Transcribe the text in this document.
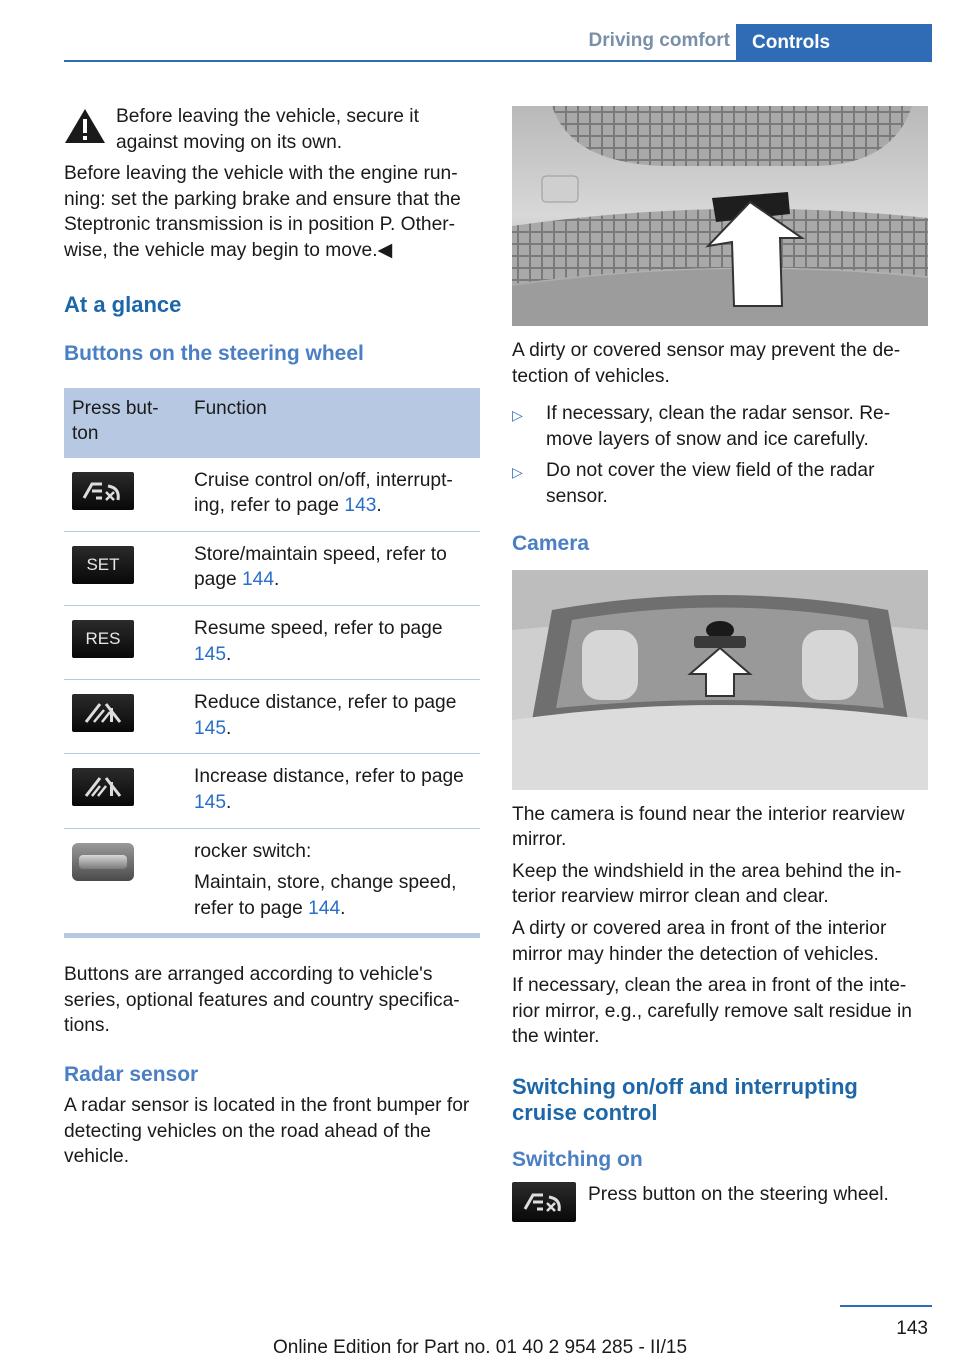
Driving comfort	Controls

Before leaving the vehicle, secure it against moving on its own.

Before leaving the vehicle with the engine run-ning: set the parking brake and ensure that the Steptronic transmission is in position P. Other-wise, the vehicle may begin to move.◀

At a glance
Buttons on the steering wheel
Press but-ton	Function

	Cruise control on/off, interrupt-ing, refer to page 143.

SET	Store/maintain speed, refer to page 144.

RES	Resume speed, refer to page 145.

	Reduce distance, refer to page 145.

	Increase distance, refer to page 145.

	rocker switch:
Maintain, store, change speed, refer to page 144.

Buttons are arranged according to vehicle's series, optional features and country specifica-tions.

Radar sensor

A radar sensor is located in the front bumper for detecting vehicles on the road ahead of the vehicle.

A dirty or covered sensor may prevent the de-tection of vehicles.

▷	If necessary, clean the radar sensor. Re-move layers of snow and ice carefully.
▷	Do not cover the view field of the radar sensor.
Camera

The camera is found near the interior rearview mirror.

Keep the windshield in the area behind the in-terior rearview mirror clean and clear.

A dirty or covered area in front of the interior mirror may hinder the detection of vehicles.

If necessary, clean the area in front of the inte-rior mirror, e.g., carefully remove salt residue in the winter.

Switching on/off and interrupting cruise control
Switching on

Press button on the steering wheel.

143
Online Edition for Part no. 01 40 2 954 285 - II/15
